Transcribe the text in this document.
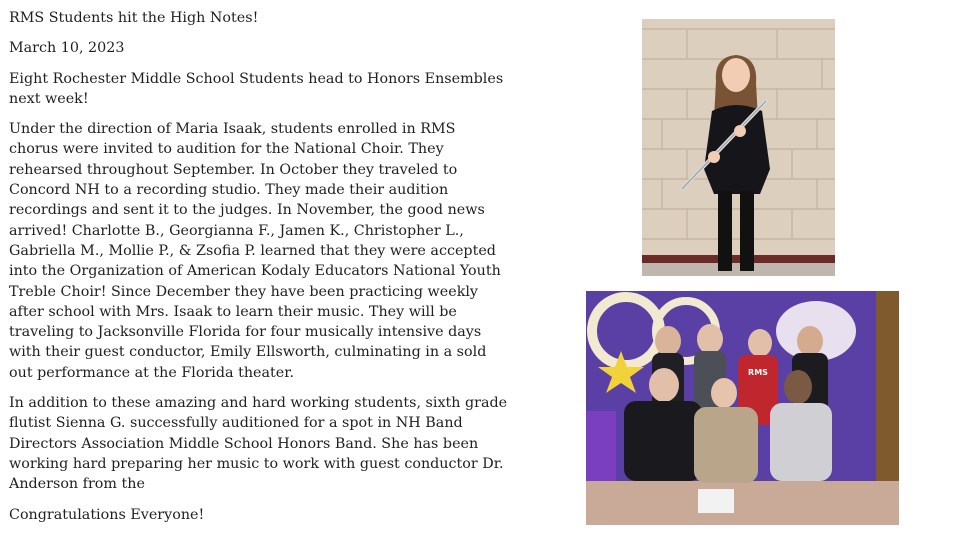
RMS Students hit the High Notes!

March 10, 2023

Eight Rochester Middle School Students head to Honors Ensembles next week!

Under the direction of Maria Isaak, students enrolled in RMS chorus were invited to audition for the National Choir. They rehearsed throughout September. In October they traveled to Concord NH to a recording studio. They made their audition recordings and sent it to the judges. In November, the good news arrived! Charlotte B., Georgianna F., Jamen K., Christopher L., Gabriella M., Mollie P., & Zsofia P. learned that they were accepted into the Organization of American Kodaly Educators National Youth Treble Choir! Since December they have been practicing weekly after school with Mrs. Isaak to learn their music. They will be traveling to Jacksonville Florida for four musically intensive days with their guest conductor, Emily Ellsworth, culminating in a sold out performance at the Florida theater.

In addition to these amazing and hard working students, sixth grade flutist Sienna G. successfully auditioned for a spot in NH Band Directors Association Middle School Honors Band. She has been working hard preparing her music to work with guest conductor Dr. Anderson from the

Congratulations Everyone!

RMS
